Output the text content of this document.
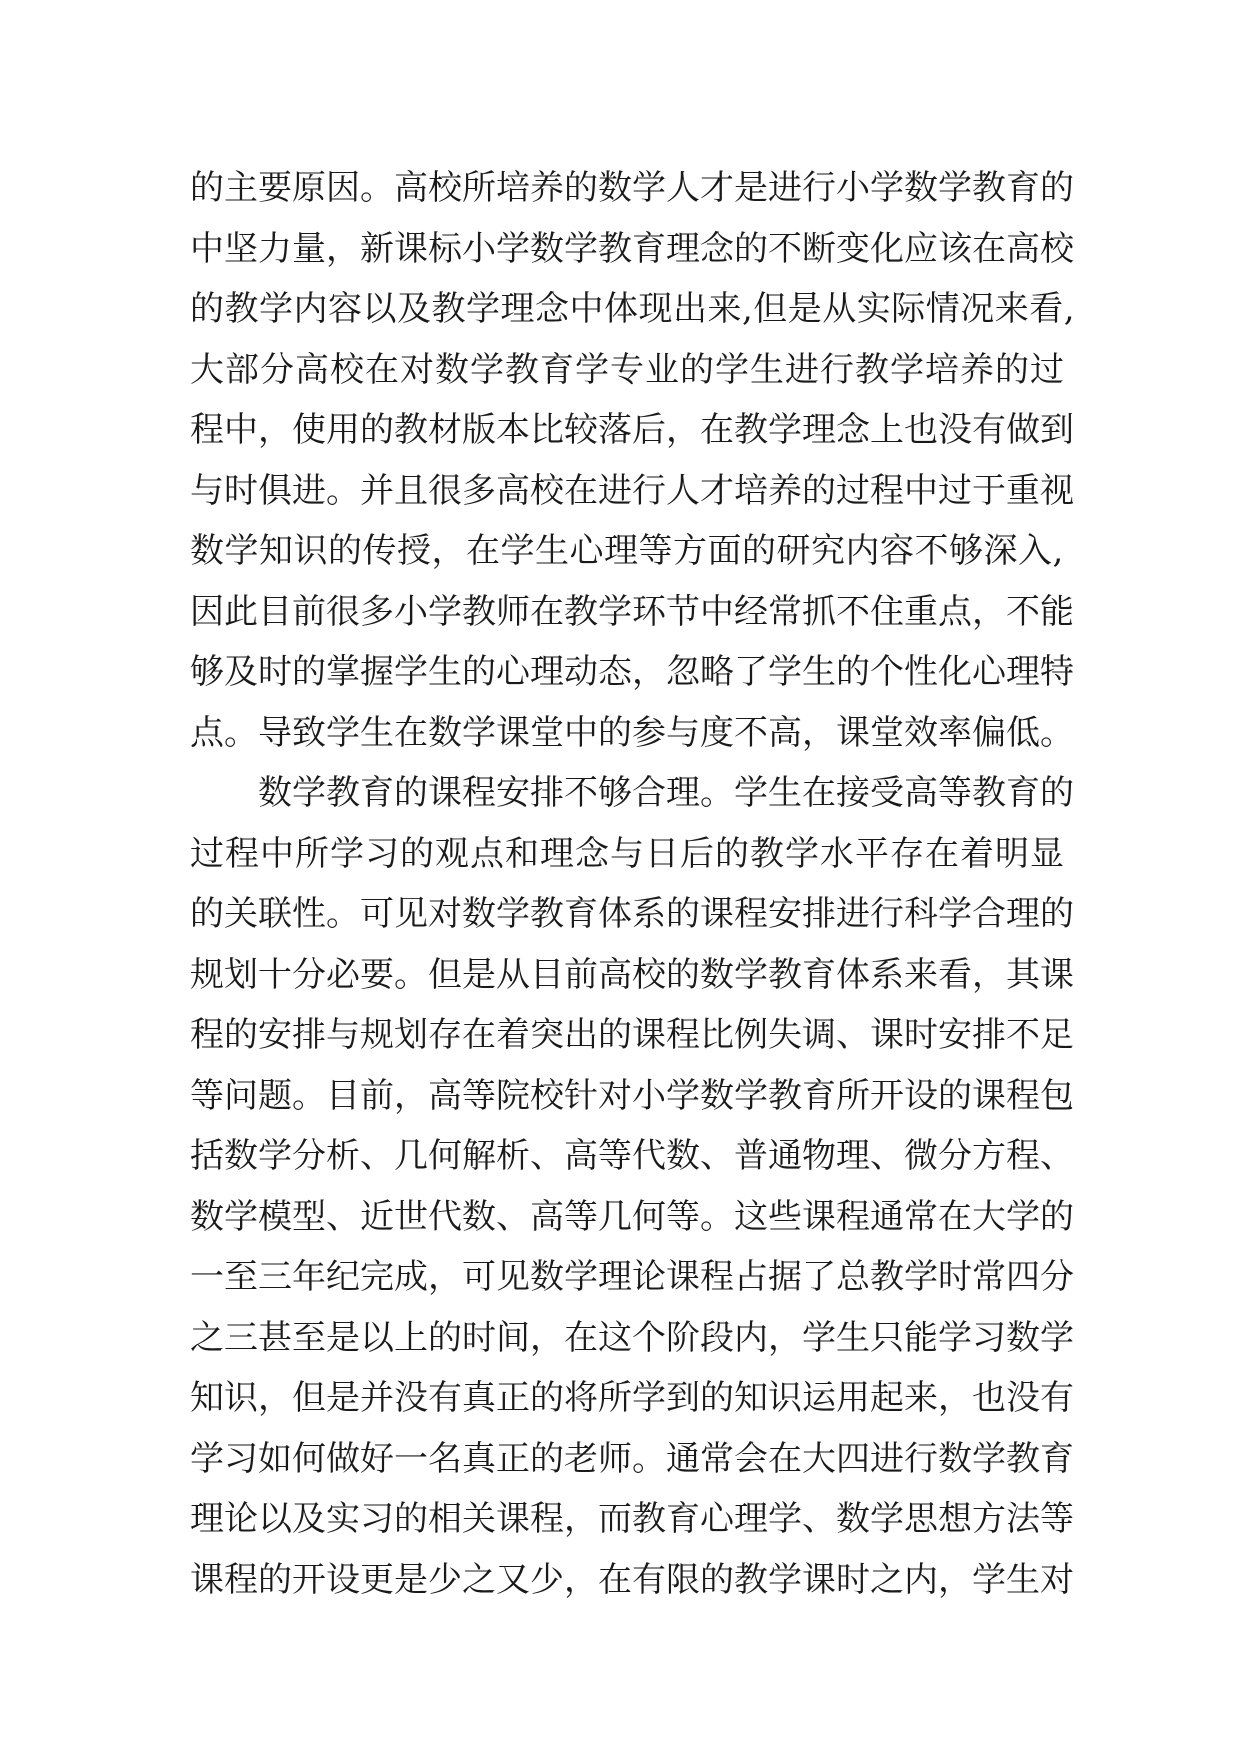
的主要原因。高校所培养的数学人才是进行小学数学教育的
中坚力量，新课标小学数学教育理念的不断变化应该在高校
的教学内容以及教学理念中体现出来,但是从实际情况来看,
大部分高校在对数学教育学专业的学生进行教学培养的过
程中，使用的教材版本比较落后，在教学理念上也没有做到
与时俱进。并且很多高校在进行人才培养的过程中过于重视
数学知识的传授，在学生心理等方面的研究内容不够深入,
因此目前很多小学教师在教学环节中经常抓不住重点，不能
够及时的掌握学生的心理动态，忽略了学生的个性化心理特
点。导致学生在数学课堂中的参与度不高，课堂效率偏低。
数学教育的课程安排不够合理。学生在接受高等教育的
过程中所学习的观点和理念与日后的教学水平存在着明显
的关联性。可见对数学教育体系的课程安排进行科学合理的
规划十分必要。但是从目前高校的数学教育体系来看，其课
程的安排与规划存在着突出的课程比例失调、课时安排不足
等问题。目前，高等院校针对小学数学教育所开设的课程包
括数学分析、几何解析、高等代数、普通物理、微分方程、
数学模型、近世代数、高等几何等。这些课程通常在大学的
一至三年纪完成，可见数学理论课程占据了总教学时常四分
之三甚至是以上的时间，在这个阶段内，学生只能学习数学
知识，但是并没有真正的将所学到的知识运用起来，也没有
学习如何做好一名真正的老师。通常会在大四进行数学教育
理论以及实习的相关课程，而教育心理学、数学思想方法等
课程的开设更是少之又少，在有限的教学课时之内，学生对
